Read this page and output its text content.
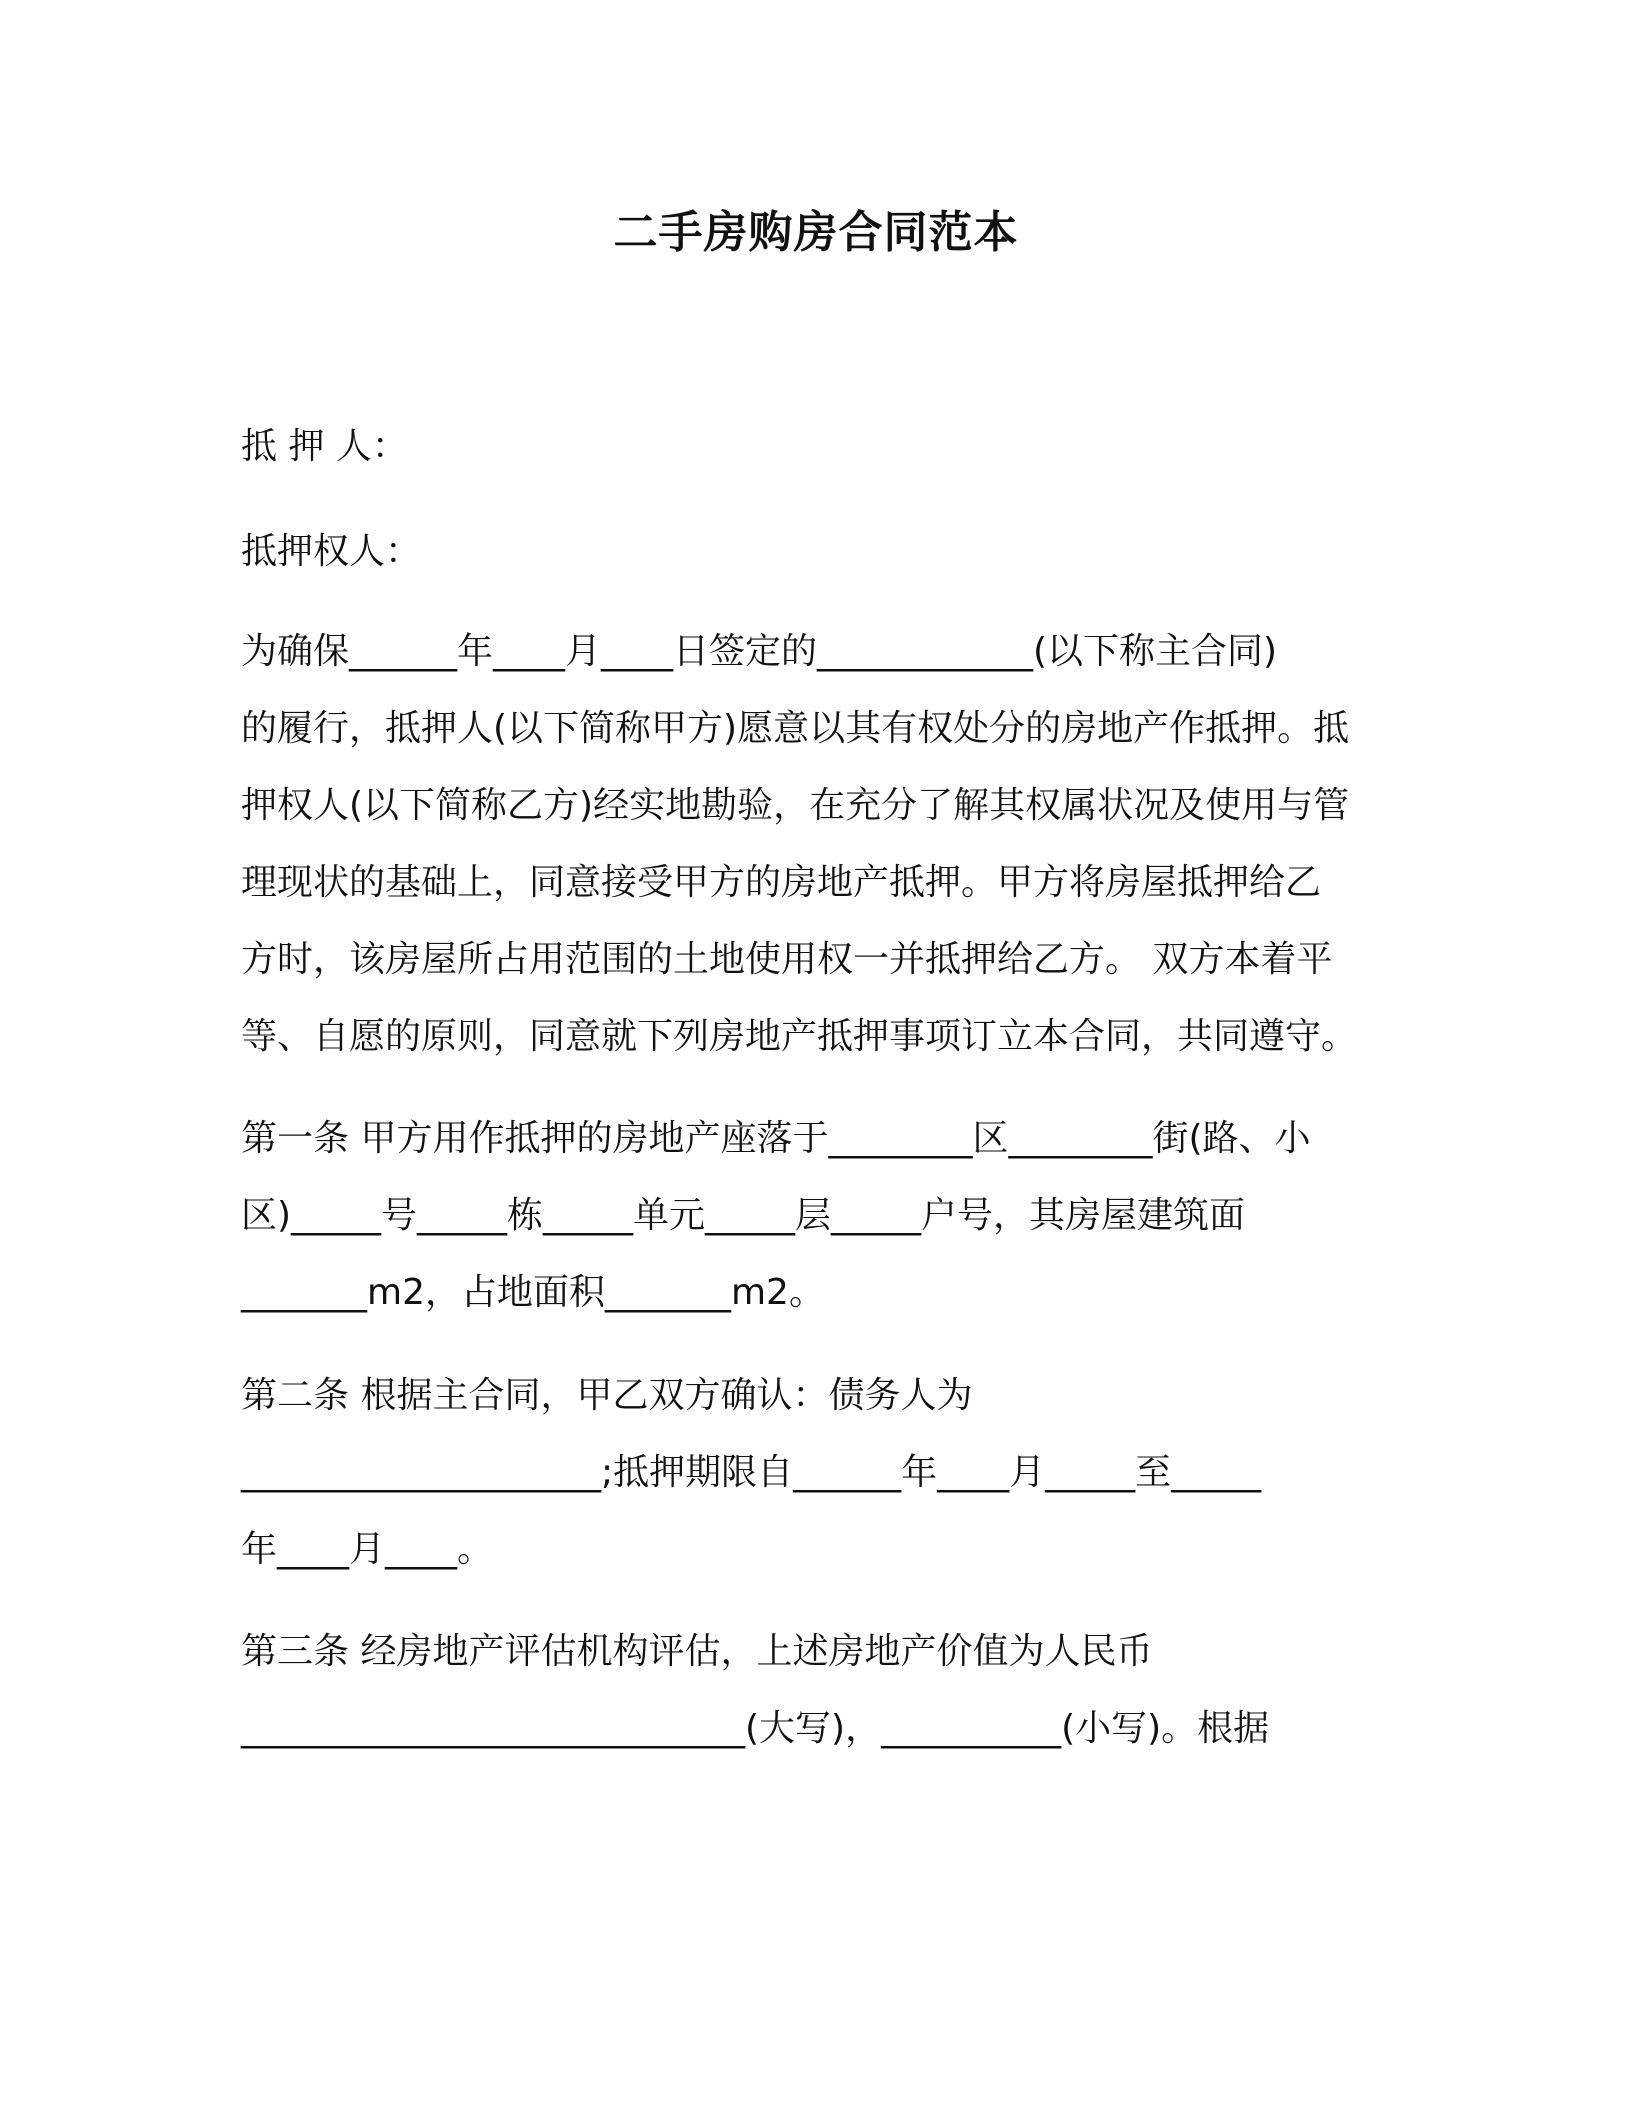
二手房购房合同范本
抵 押 人：
抵押权人：
为确保______年____月____日签定的____________(以下称主合同)
的履行，抵押人(以下简称甲方)愿意以其有权处分的房地产作抵押。抵
押权人(以下简称乙方)经实地勘验，在充分了解其权属状况及使用与管
理现状的基础上，同意接受甲方的房地产抵押。甲方将房屋抵押给乙
方时，该房屋所占用范围的土地使用权一并抵押给乙方。 双方本着平
等、自愿的原则，同意就下列房地产抵押事项订立本合同，共同遵守。
第一条 甲方用作抵押的房地产座落于________区________街(路、小
区)_____号_____栋_____单元_____层_____户号，其房屋建筑面
_______m2，占地面积_______m2。
第二条 根据主合同，甲乙双方确认：债务人为
____________________;抵押期限自______年____月_____至_____
年____月____。
第三条 经房地产评估机构评估，上述房地产价值为人民币
____________________________(大写)，__________(小写)。根据
